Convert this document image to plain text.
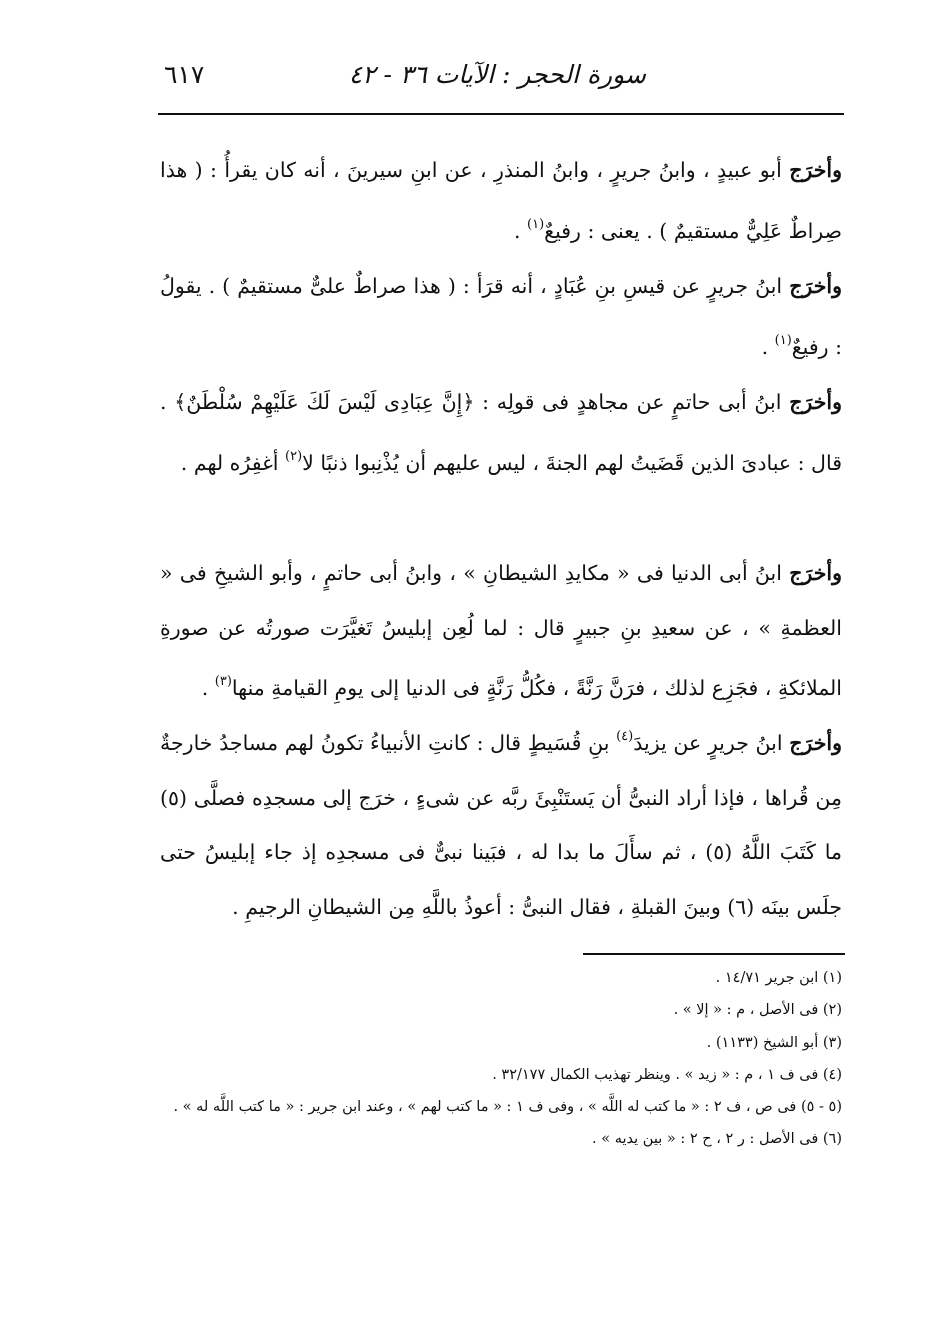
سورة الحجر : الآيات ٣٦ - ٤٢
٦١٧

وأخرَج أبو عبيدٍ ، وابنُ جريرٍ ، وابنُ المنذرِ ، عن ابنِ سيرينَ ، أنه كان يقرأُ : ( هذا صِراطٌ عَلِيٌّ مستقيمٌ ) . يعنى : رفيعٌ$^{(١)}$ .

وأخرَج ابنُ جريرٍ عن قيسِ بنِ عُبَادٍ ، أنه قرَأ : ( هذا صراطٌ علىٌّ مستقيمٌ ) . يقولُ : رفيعٌ$^{(١)}$ .

وأخرَج ابنُ أبى حاتمٍ عن مجاهدٍ فى قولِه : ﴿إِنَّ عِبَادِى لَيْسَ لَكَ عَلَيْهِمْ سُلْطَنٌ﴾ . قال : عبادىَ الذين قَضَيتُ لهم الجنةَ ، ليس عليهم أن يُذْنِبوا ذنبًا لا$^{(٢)}$ أغفِرُه لهم .

وأخرَج ابنُ أبى الدنيا فى « مكايدِ الشيطانِ » ، وابنُ أبى حاتمٍ ، وأبو الشيخِ فى « العظمةِ » ، عن سعيدِ بنِ جبيرٍ قال : لما لُعِن إبليسُ تَغيَّرَت صورتُه عن صورةِ الملائكةِ ، فجَزِع لذلك ، فرَنَّ رَنَّةً ، فكُلُّ رَنَّةٍ فى الدنيا إلى يومِ القيامةِ منها$^{(٣)}$ .

وأخرَج ابنُ جريرٍ عن يزيدَ$^{(٤)}$ بنِ قُسَيطٍ قال : كانتِ الأنبياءُ تكونُ لهم مساجدُ خارجةٌ مِن قُراها ، فإذا أراد النبىُّ أن يَستَنْبِئَ ربَّه عن شىءٍ ، خرَج إلى مسجدِه فصلَّى (٥) ما كَتَبَ اللَّهُ (٥) ، ثم سأَلَ ما بدا له ، فبَينا نبىٌّ فى مسجدِه إذ جاء إبليسُ حتى جلَس بينَه (٦) وبينَ القبلةِ ، فقال النبىُّ : أعوذُ باللَّهِ مِن الشيطانِ الرجيمِ .

(١) ابن جرير ١٤/٧١ .

(٢) فى الأصل ، م : « إلا » .

(٣) أبو الشيخ (١١٣٣) .

(٤) فى ف ١ ، م : « زيد » . وينظر تهذيب الكمال ٣٢/١٧٧ .

(٥ - ٥) فى ص ، ف ٢ : « ما كتب له اللَّه » ، وفى ف ١ : « ما كتب لهم » ، وعند ابن جرير : « ما كتب اللَّه له » .

(٦) فى الأصل : ر ٢ ، ح ٢ : « بين يديه » .
